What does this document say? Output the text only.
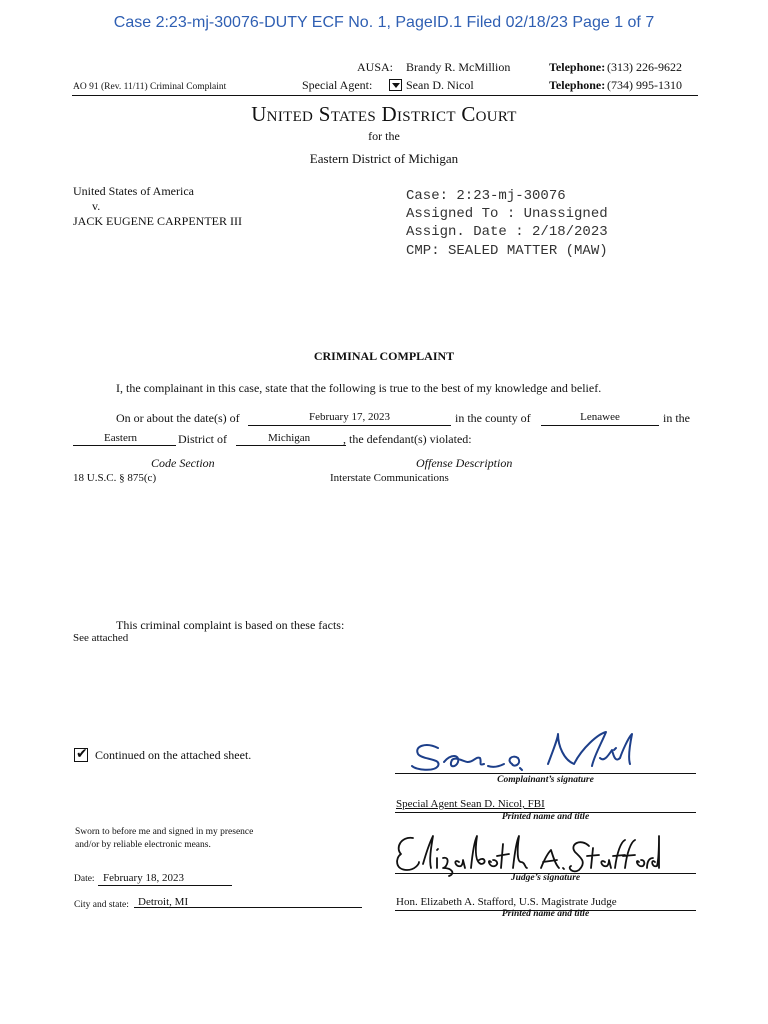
Case 2:23-mj-30076-DUTY ECF No. 1, PageID.1 Filed 02/18/23 Page 1 of 7
AUSA: Brandy R. McMillion	Telephone: (313) 226-9622
Special Agent:	Sean D. Nicol	Telephone: (734) 995-1310
AO 91 (Rev. 11/11) Criminal Complaint
United States District Court
for the
Eastern District of Michigan
United States of America
v.
JACK EUGENE CARPENTER III
Case: 2:23-mj-30076
Assigned To : Unassigned
Assign. Date : 2/18/2023
CMP: SEALED MATTER (MAW)
CRIMINAL COMPLAINT
I, the complainant in this case, state that the following is true to the best of my knowledge and belief.
On or about the date(s) of	February 17, 2023	in the county of	Lenawee	in the
Eastern	District of	Michigan	, the defendant(s) violated:
Code Section	Offense Description
18 U.S.C. § 875(c)	Interstate Communications
This criminal complaint is based on these facts:
See attached
✔ Continued on the attached sheet.
Complainant’s signature
Special Agent Sean D. Nicol, FBI
Printed name and title
Sworn to before me and signed in my presence
and/or by reliable electronic means.
Judge’s signature
Date: February 18, 2023
City and state: Detroit, MI	Hon. Elizabeth A. Stafford, U.S. Magistrate Judge
Printed name and title
